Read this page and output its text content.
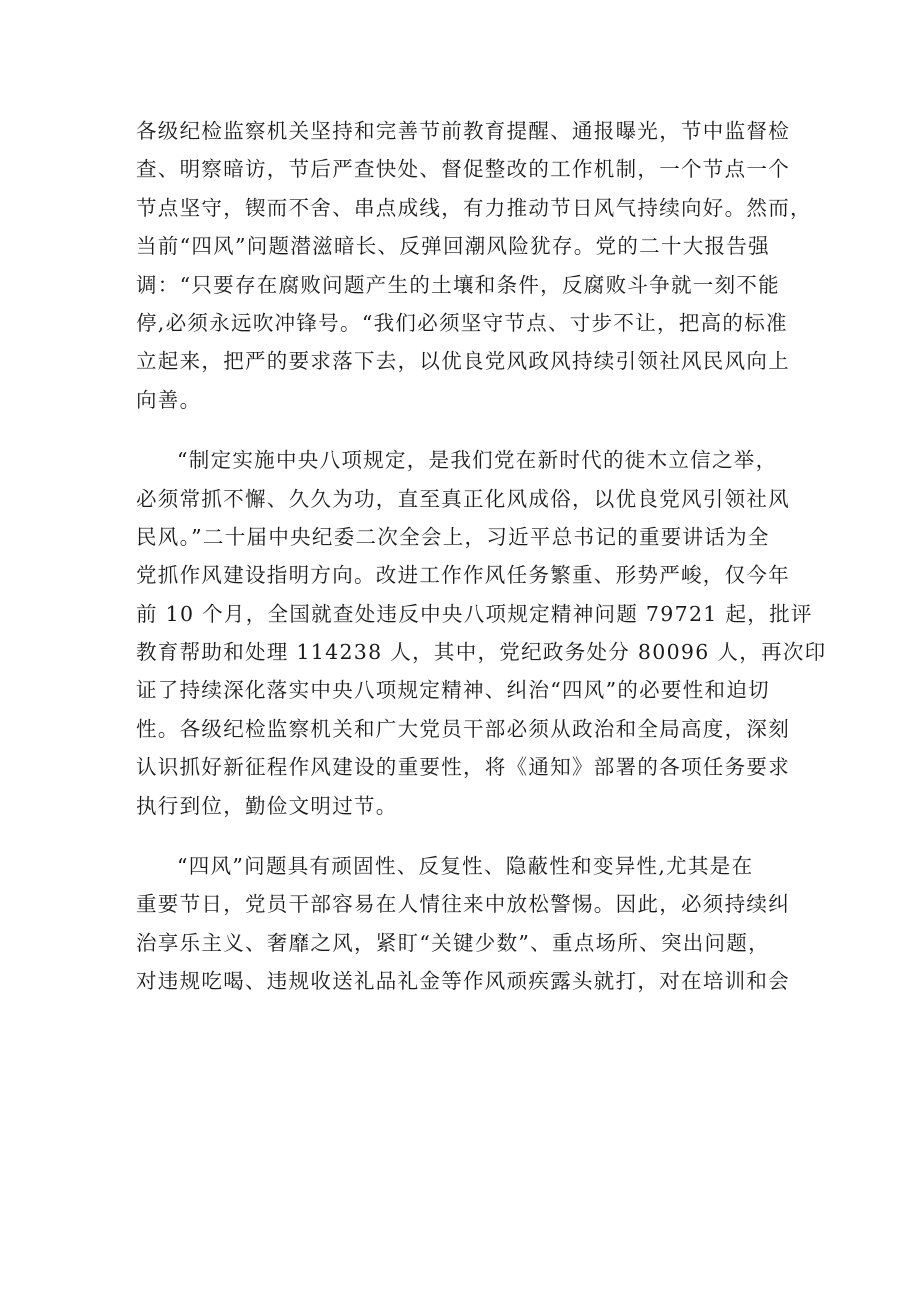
各级纪检监察机关坚持和完善节前教育提醒、通报曝光，节中监督检
查、明察暗访，节后严查快处、督促整改的工作机制，一个节点一个
节点坚守，锲而不舍、串点成线，有力推动节日风气持续向好。然而，
当前“四风”问题潜滋暗长、反弹回潮风险犹存。党的二十大报告强
调：“只要存在腐败问题产生的土壤和条件，反腐败斗争就一刻不能
停,必须永远吹冲锋号。“我们必须坚守节点、寸步不让，把高的标准
立起来，把严的要求落下去，以优良党风政风持续引领社风民风向上
向善。

“制定实施中央八项规定，是我们党在新时代的徙木立信之举，
必须常抓不懈、久久为功，直至真正化风成俗，以优良党风引领社风
民风。”二十届中央纪委二次全会上，习近平总书记的重要讲话为全
党抓作风建设指明方向。改进工作作风任务繁重、形势严峻，仅今年
前 10 个月，全国就查处违反中央八项规定精神问题 79721 起，批评
教育帮助和处理 114238 人，其中，党纪政务处分 80096 人，再次印
证了持续深化落实中央八项规定精神、纠治“四风”的必要性和迫切
性。各级纪检监察机关和广大党员干部必须从政治和全局高度，深刻
认识抓好新征程作风建设的重要性，将《通知》部署的各项任务要求
执行到位，勤俭文明过节。

“四风”问题具有顽固性、反复性、隐蔽性和变异性,尤其是在
重要节日，党员干部容易在人情往来中放松警惕。因此，必须持续纠
治享乐主义、奢靡之风，紧盯“关键少数”、重点场所、突出问题，
对违规吃喝、违规收送礼品礼金等作风顽疾露头就打，对在培训和会
